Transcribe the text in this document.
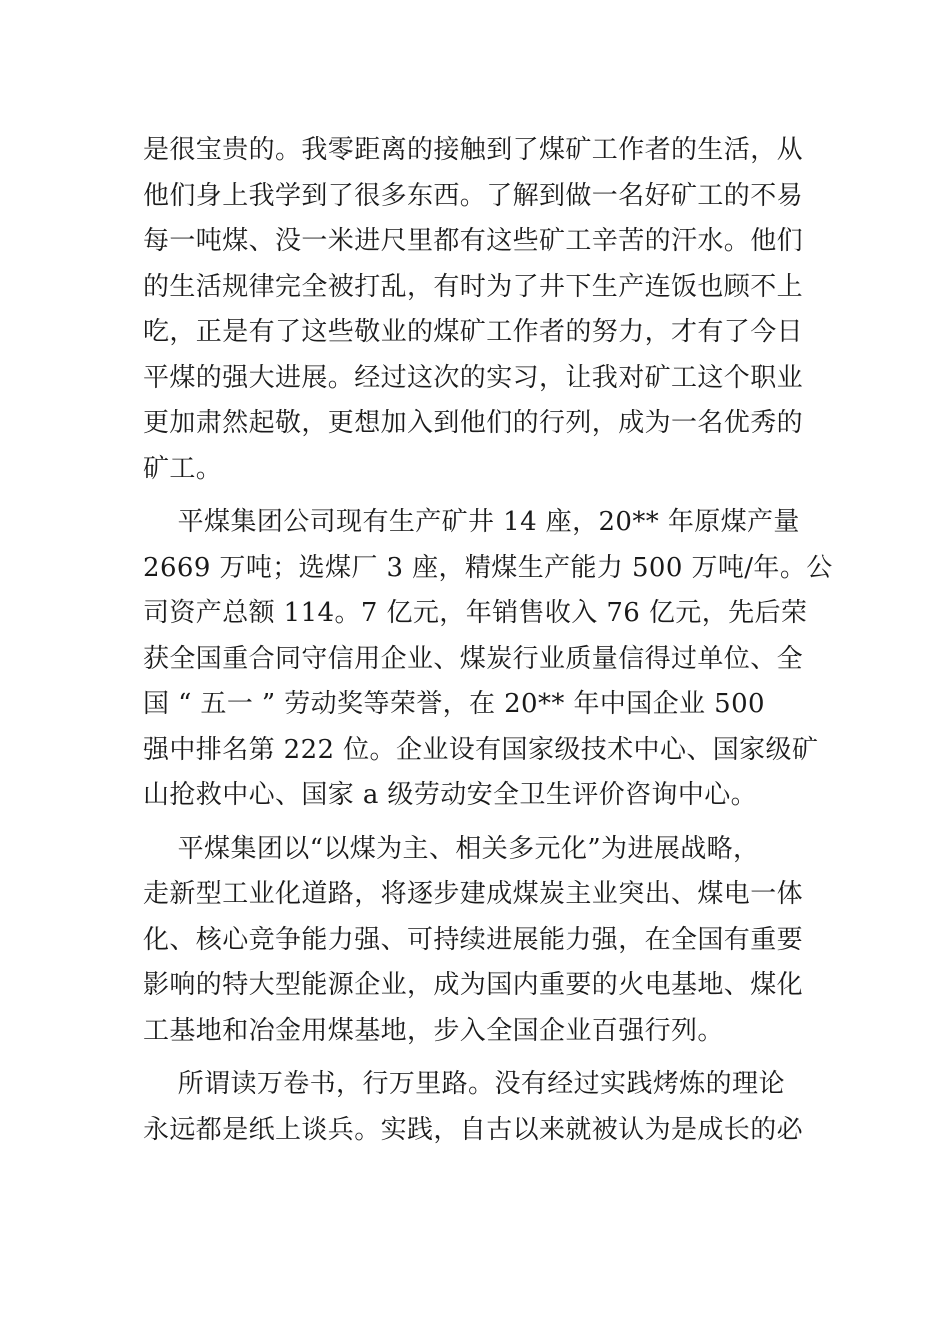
是很宝贵的。我零距离的接触到了煤矿工作者的生活，从
他们身上我学到了很多东西。了解到做一名好矿工的不易
每一吨煤、没一米进尺里都有这些矿工辛苦的汗水。他们
的生活规律完全被打乱，有时为了井下生产连饭也顾不上
吃，正是有了这些敬业的煤矿工作者的努力，才有了今日
平煤的强大进展。经过这次的实习，让我对矿工这个职业
更加肃然起敬，更想加入到他们的行列，成为一名优秀的
矿工。
平煤集团公司现有生产矿井 14 座，20** 年原煤产量
2669 万吨；选煤厂 3 座，精煤生产能力 500 万吨/年。公
司资产总额 114。7 亿元，年销售收入 76 亿元，先后荣
获全国重合同守信用企业、煤炭行业质量信得过单位、全
国 “ 五一 ” 劳动奖等荣誉，在 20** 年中国企业 500
强中排名第 222 位。企业设有国家级技术中心、国家级矿
山抢救中心、国家 a 级劳动安全卫生评价咨询中心。
平煤集团以“以煤为主、相关多元化”为进展战略，
走新型工业化道路，将逐步建成煤炭主业突出、煤电一体
化、核心竞争能力强、可持续进展能力强，在全国有重要
影响的特大型能源企业，成为国内重要的火电基地、煤化
工基地和冶金用煤基地，步入全国企业百强行列。
所谓读万卷书，行万里路。没有经过实践烤炼的理论
永远都是纸上谈兵。实践，自古以来就被认为是成长的必
